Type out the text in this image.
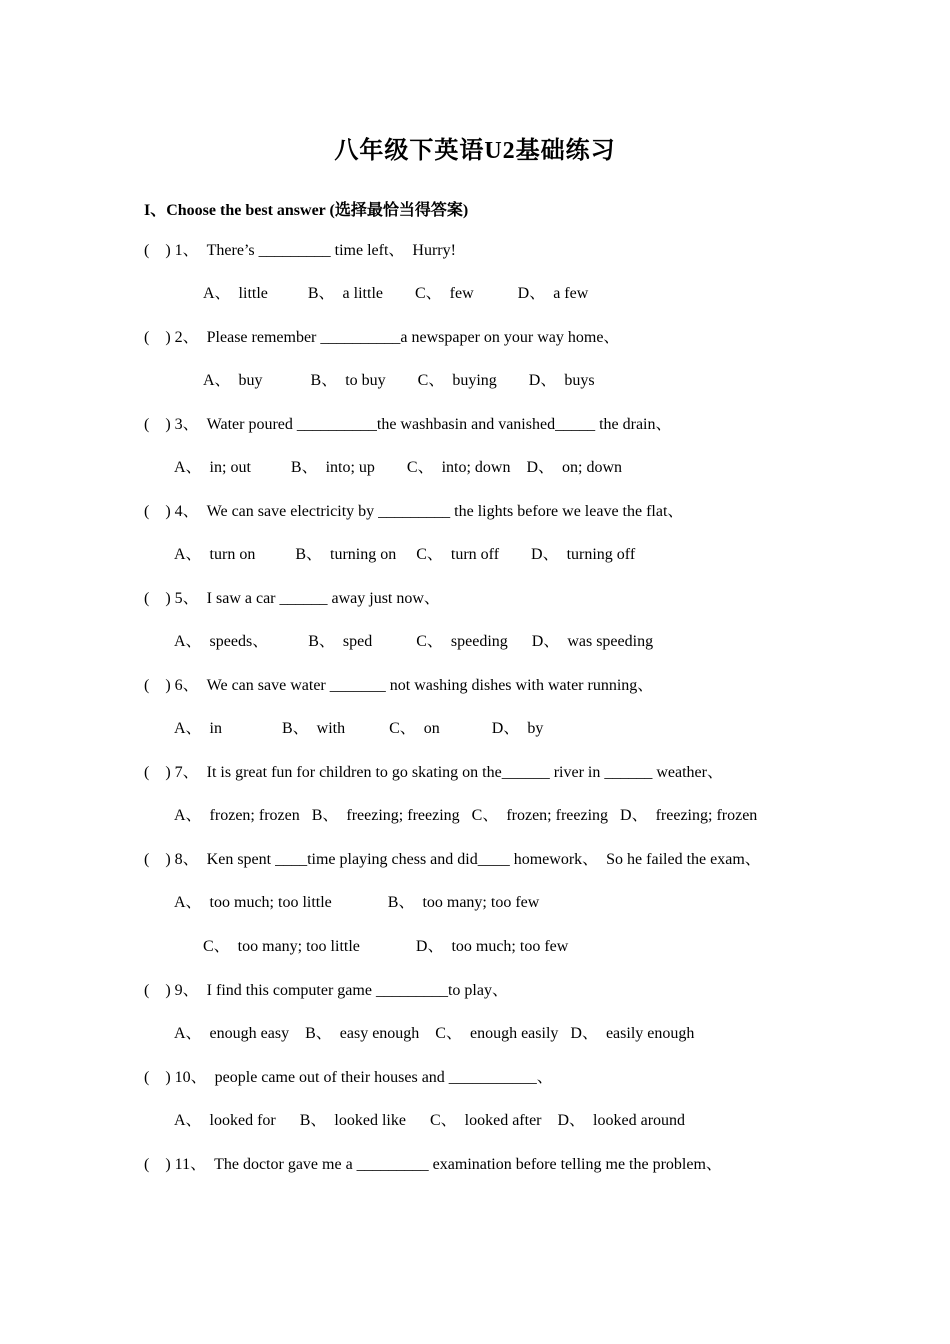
八年级下英语U2基础练习
I、Choose the best answer (选择最恰当得答案)
(    ) 1、  There’s _________ time left、  Hurry!
A、  little          B、  a little        C、  few           D、  a few
(    ) 2、  Please remember __________a newspaper on your way home、
A、  buy            B、  to buy        C、  buying        D、  buys
(    ) 3、  Water poured __________the washbasin and vanished_____ the drain、
A、  in; out          B、  into; up        C、  into; down    D、  on; down
(    ) 4、  We can save electricity by _________ the lights before we leave the flat、
A、  turn on          B、  turning on     C、  turn off        D、  turning off
(    ) 5、  I saw a car ______ away just now、
A、  speeds、          B、  sped           C、  speeding      D、  was speeding
(    ) 6、  We can save water _______ not washing dishes with water running、
A、  in               B、  with           C、  on             D、  by
(    ) 7、  It is great fun for children to go skating on the______ river in ______ weather、
A、  frozen; frozen   B、  freezing; freezing   C、  frozen; freezing   D、  freezing; frozen
(    ) 8、  Ken spent ____time playing chess and did____ homework、  So he failed the exam、
A、  too much; too little              B、  too many; too few
C、  too many; too little              D、  too much; too few
(    ) 9、  I find this computer game _________to play、
A、  enough easy    B、  easy enough    C、  enough easily   D、  easily enough
(    ) 10、  people came out of their houses and ___________、
A、  looked for      B、  looked like      C、  looked after    D、  looked around
(    ) 11、  The doctor gave me a _________ examination before telling me the problem、
